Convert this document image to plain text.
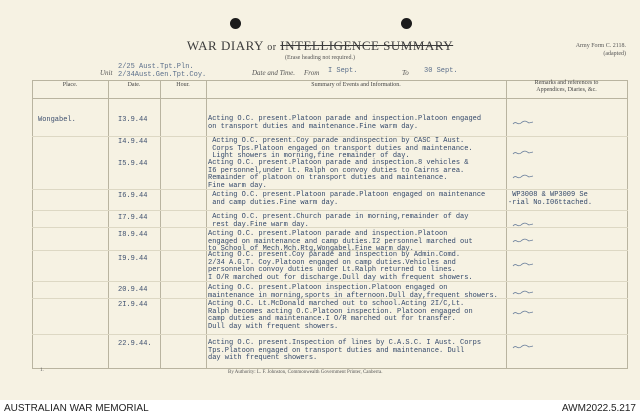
WAR DIARY or INTELLIGENCE SUMMARY
(Erase heading not required.)
Army Form C. 2118.
(adapted)
Unit
2/25 Aust.Tpt.Pln.
2/34Aust.Gen.Tpt.Coy.	Date and Time. From I Sept.	To 30 Sept.
Place.	Date.	Hour.	Summary of Events and Information.	Remarks and references to
Appendices, Diaries, &c.
Wongabel.	I3.9.44	Acting O.C. present.Platoon parade and inspection.Platoon engaged
on transport duties and maintenance.Fine warm day.
I4.9.44	Acting O.C. present.Coy parade andinspection by CASC I Aust.
Corps Tps.Platoon engaged on transport duties and maintenance.
Light showers in morning,fine remainder of day.
I5.9.44	Acting O.C. present.Platoon parade and inspection.8 vehicles &
I6 personnel,under Lt. Ralph on convoy duties to Cairns area.
Remainder of platoon on transport duties and maintenance.
Fine warm day.
I6.9.44	Acting O.C. present.Platoon parade.Platoon engaged on maintenance
and camp duties.Fine warm day.
WP3008 & WP3009 Se
-rial No.I06ttached.
I7.9.44	Acting O.C. present.Church parade in morning,remainder of day
rest day.Fine warm day.
I8.9.44	Acting O.C. present.Platoon parade and inspection.Platoon
engaged on maintenance and camp duties.I2 personnel marched out
to School of Mech.Mch.Rtg,Wongabel.Fine warm day.
I9.9.44	Acting O.C. present.Coy parade and inspection by Admin.Comd.
2/34 A.G.T. Coy.Platoon engaged on camp duties.Vehicles and
personnelon convoy duties under Lt.Ralph returned to lines.
I O/R marched out for discharge.Dull day with frequent showers.
20.9.44	Acting O.C. present.Platoon inspection.Platoon engaged on
maintenance in morning,sports in afternoon.Dull day,frequent showers.
2I.9.44	Acting O.C. Lt.McDonald marched out to school.Acting 2I/C,Lt.
Ralph becomes acting O.C.Platoon inspection. Platoon engaged on
camp duties and maintenance.I O/R marched out for transfer.
Dull day with frequent showers.
22.9.44.	Acting O.C. present.Inspection of lines by C.A.S.C. I Aust. Corps
Tps.Platoon engaged on transport duties and maintenance. Dull
day with frequent showers.
1.	By Authority: L. F. Johnston, Commonwealth Government Printer, Canberra.
AUSTRALIAN WAR MEMORIAL	AWM2022.5.217
